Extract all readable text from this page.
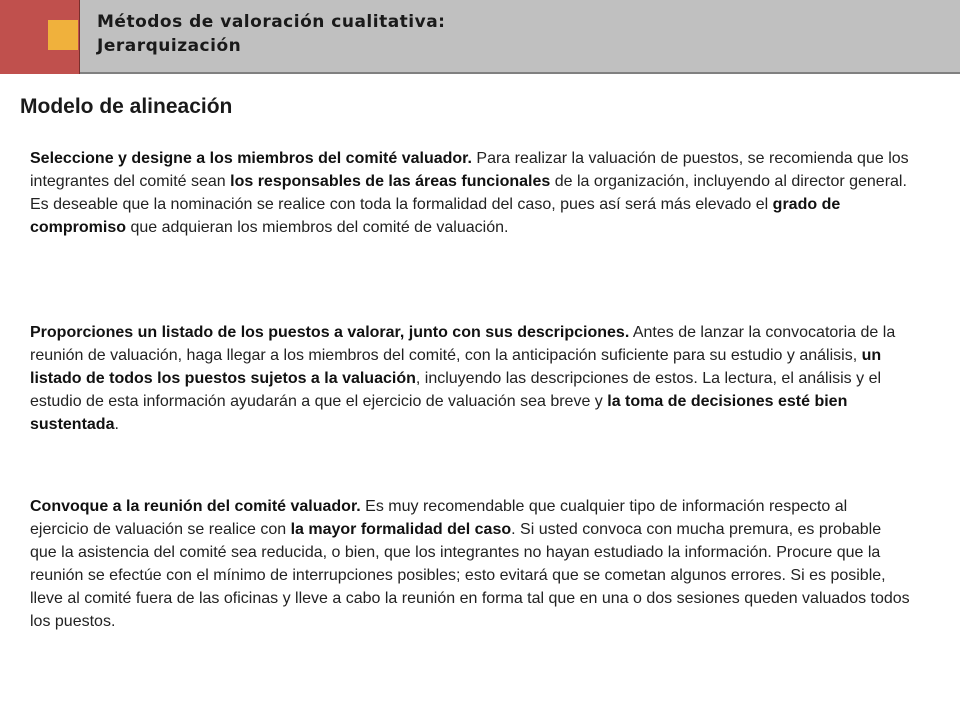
Métodos de valoración cualitativa:
Jerarquización
Modelo de alineación

Seleccione y designe a los miembros del comité valuador. Para realizar la valuación de puestos, se recomienda que los integrantes del comité sean los responsables de las áreas funcionales de la organización, incluyendo al director general.
Es deseable que la nominación se realice con toda la formalidad del caso, pues así será más elevado el grado de compromiso que adquieran los miembros del comité de valuación.

Proporciones un listado de los puestos a valorar, junto con sus descripciones. Antes de lanzar la convocatoria de la reunión de valuación, haga llegar a los miembros del comité, con la anticipación suficiente para su estudio y análisis, un listado de todos los puestos sujetos a la valuación, incluyendo las descripciones de estos. La lectura, el análisis y el estudio de esta información ayudarán a que el ejercicio de valuación sea breve y la toma de decisiones esté bien sustentada.

Convoque a la reunión del comité valuador. Es muy recomendable que cualquier tipo de información respecto al ejercicio de valuación se realice con la mayor formalidad del caso. Si usted convoca con mucha premura, es probable que la asistencia del comité sea reducida, o bien, que los integrantes no hayan estudiado la información. Procure que la reunión se efectúe con el mínimo de interrupciones posibles; esto evitará que se cometan algunos errores. Si es posible, lleve al comité fuera de las oficinas y lleve a cabo la reunión en forma tal que en una o dos sesiones queden valuados todos los puestos.
